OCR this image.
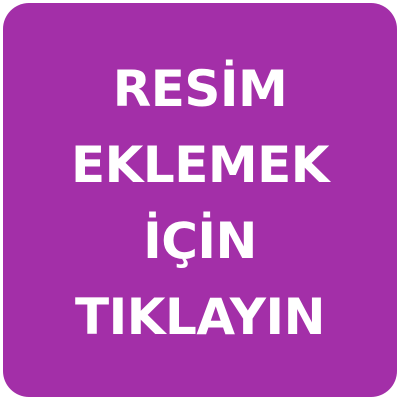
RESİM
EKLEMEK
İÇİN
TIKLAYIN
